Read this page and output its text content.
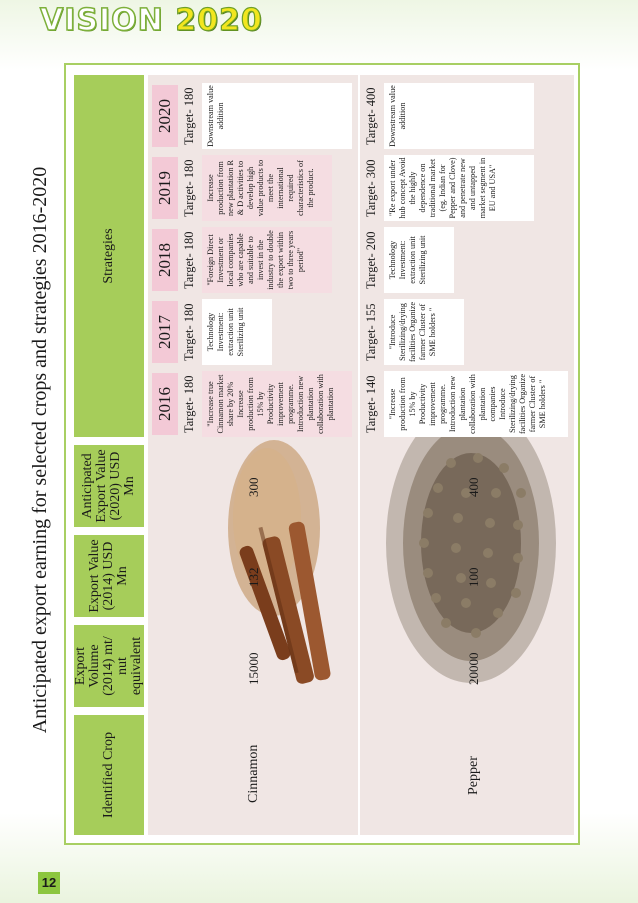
VISION 2020
12
Anticipated export earning for selected crops and strategies 2016-2020
Identified Crop
Export Volume (2014) mt/ nut equivalent
Export Value (2014) USD Mn
Anticipated Export Value (2020) USD Mn
Strategies
Cinnamon
15000
132
300
Pepper
20000
100
400
2016
2017
2018
2019
2020
Target- 180
Target- 180
Target- 180
Target- 180
Target- 180
"Increase true Cinnamon market share by 20% Increase production from 15% by Productivity improvement programme. Introduction new plantation collaboration with plantation
Technology Investment: extraction unit Sterilizing unit
"Foreign Direct Investment or local companies who are capable and suitable to invest in the industry to double the export within two to three years period"
Increase production from new plantation R & D activities to develop high value products to meet the international required characteristics of the product.
Downstream value addition
Target- 140
Target- 155
Target- 200
Target- 300
Target- 400
"Increase production from 15% by Productivity improvement programme. Introduction new plantation collaboration with plantation companies Introduce Sterilizing/drying facilities Organize farmer Cluster of SME holders "
"Introduce Sterilizing/drying facilities Organize farmer Cluster of SME holders "
Technology Investment: extraction unit Sterilizing unit
"Re export under hub concept Avoid the highly dependence on traditional market (eg. Indian for Pepper and Clove) and penetrate new and untapped market segment in EU and USA"
Downstream value addition
